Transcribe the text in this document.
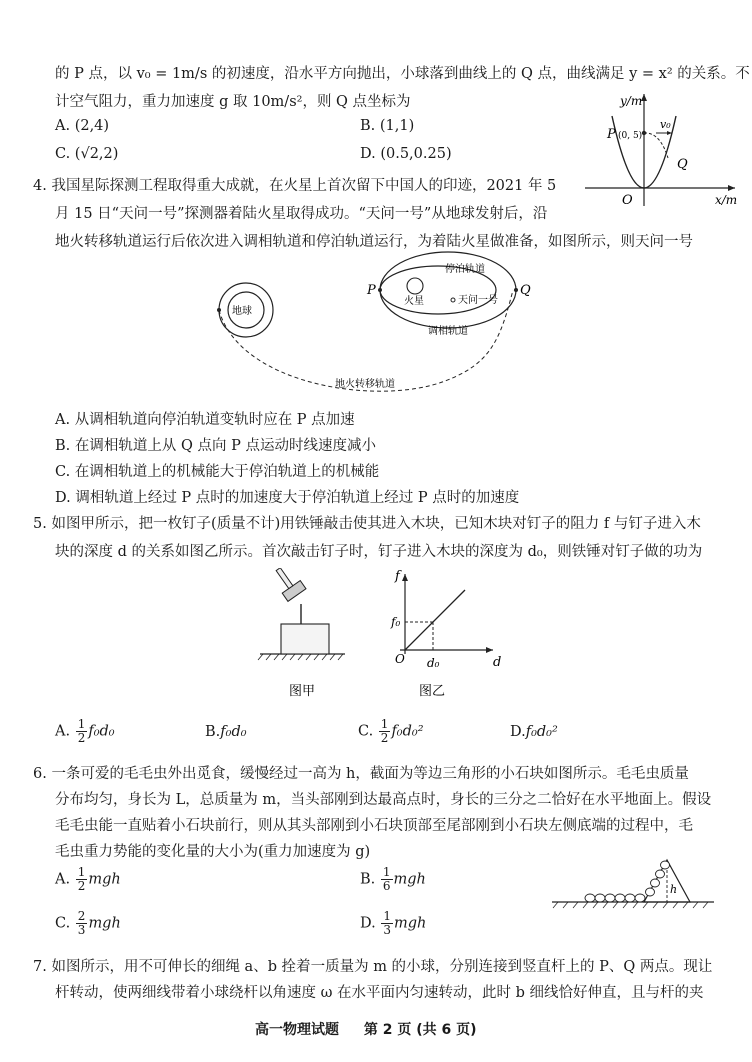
的 P 点，以 v₀ = 1m/s 的初速度，沿水平方向抛出，小球落到曲线上的 Q 点，曲线满足 y = x² 的关系。不
计空气阻力，重力加速度 g 取 10m/s²，则 Q 点坐标为
A. (2,4)	B. (1,1)
C. (√2,2)	D. (0.5,0.25)
y/m
x/m
O
P (0, 5)
v₀
Q
4. 我国星际探测工程取得重大成就，在火星上首次留下中国人的印迹，2021 年 5
月 15 日“天问一号”探测器着陆火星取得成功。“天问一号”从地球发射后，沿
地火转移轨道运行后依次进入调相轨道和停泊轨道运行，为着陆火星做准备，如图所示，则天问一号
地球
地火转移轨道
调相轨道
停泊轨道
火星	天问一号
P	Q
A. 从调相轨道向停泊轨道变轨时应在 P 点加速
B. 在调相轨道上从 Q 点向 P 点运动时线速度减小
C. 在调相轨道上的机械能大于停泊轨道上的机械能
D. 调相轨道上经过 P 点时的加速度大于停泊轨道上经过 P 点时的加速度
5. 如图甲所示，把一枚钉子(质量不计)用铁锤敲击使其进入木块，已知木块对钉子的阻力 f 与钉子进入木
块的深度 d 的关系如图乙所示。首次敲击钉子时，钉子进入木块的深度为 d₀，则铁锤对钉子做的功为
图甲
f
d
f₀
d₀
O
图乙
A. $\frac{1}{2} f_0d_0$	B.f₀d₀	C. $\frac{1}{2} f_0d_0^2$	D.f₀d₀²
6. 一条可爱的毛毛虫外出觅食，缓慢经过一高为 h，截面为等边三角形的小石块如图所示。毛毛虫质量
分布均匀，身长为 L，总质量为 m，当头部刚到达最高点时，身长的三分之二恰好在水平地面上。假设
毛毛虫能一直贴着小石块前行，则从其头部刚到小石块顶部至尾部刚到小石块左侧底端的过程中，毛
毛虫重力势能的变化量的大小为(重力加速度为 g)
A. $\frac{1}{2}$ mgh	B. $\frac{1}{6}$ mgh
C. $\frac{2}{3}$ mgh	D. $\frac{1}{3}$ mgh
h
7. 如图所示，用不可伸长的细绳 a、b 拴着一质量为 m 的小球，分别连接到竖直杆上的 P、Q 两点。现让
杆转动，使两细线带着小球绕杆以角速度 ω 在水平面内匀速转动，此时 b 细线恰好伸直，且与杆的夹
高一物理试题 第 2 页 (共 6 页)
